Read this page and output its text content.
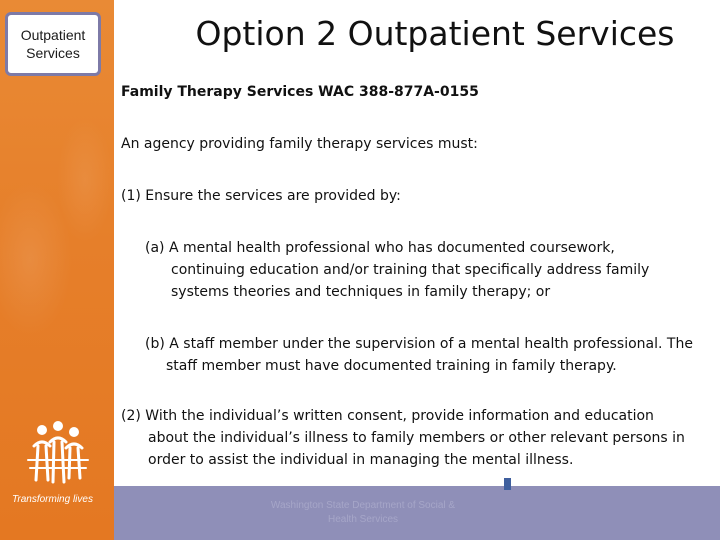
Outpatient
Services
Transforming lives
Washington State Department of Social &
Health Services
Option 2 Outpatient Services
Family Therapy Services WAC 388-877A-0155
An agency providing family therapy services must:
(1) Ensure the services are provided by:
(a) A mental health professional who has documented coursework,
continuing education and/or training that specifically address family
systems theories and techniques in family therapy; or
(b) A staff member under the supervision of a mental health professional. The
staff member must have documented training in family therapy.
(2) With the individual’s written consent, provide information and education
about the individual’s illness to family members or other relevant persons in
order to assist the individual in managing the mental illness.
